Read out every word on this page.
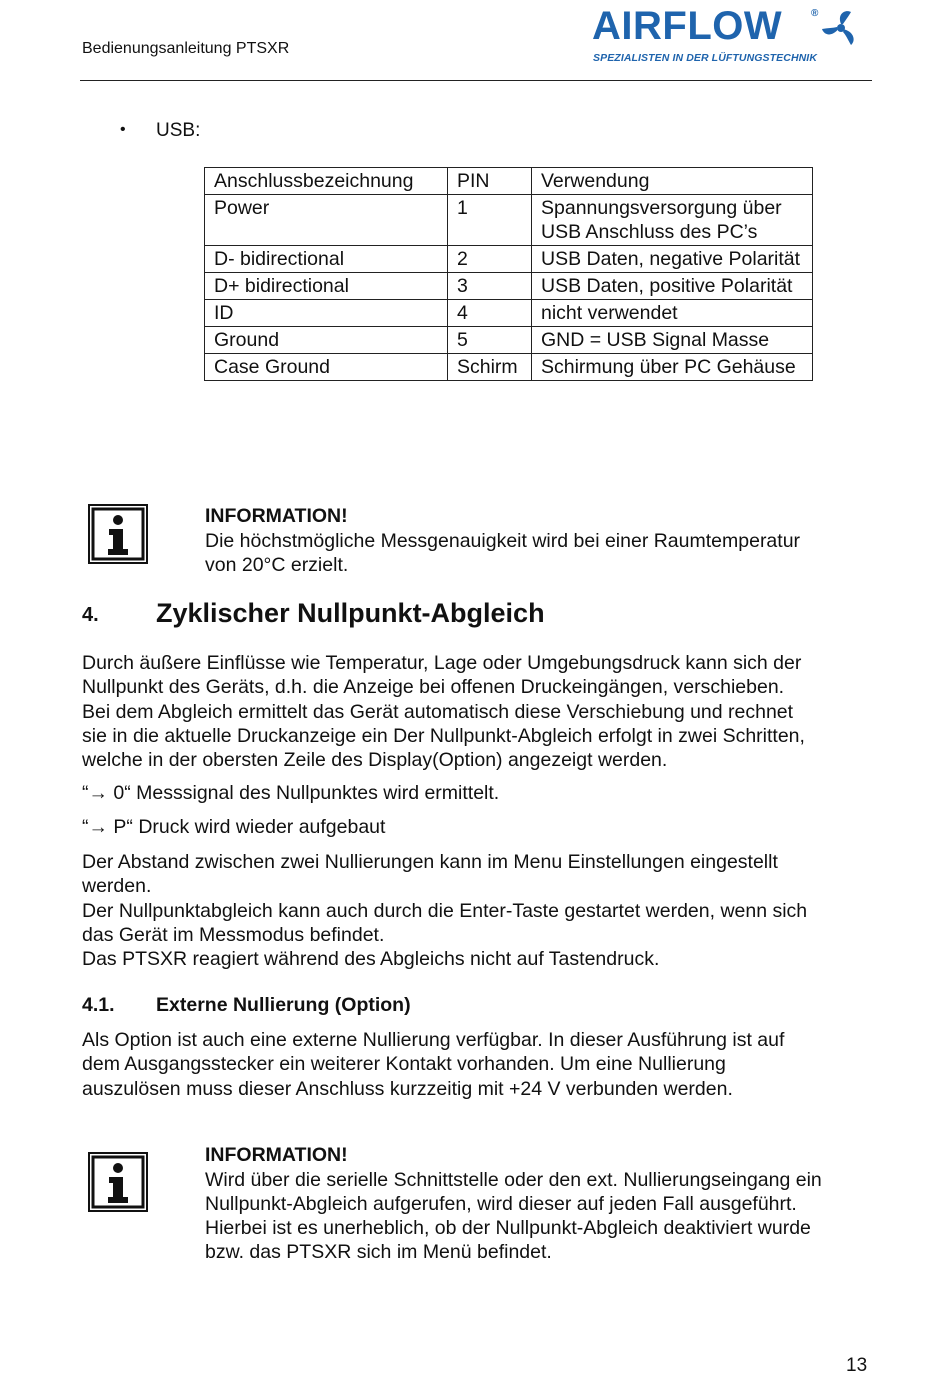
Bedienungsanleitung PTSXR
AIRFLOW	®
SPEZIALISTEN IN DER LÜFTUNGSTECHNIK
• USB:
Anschlussbezeichnung	PIN	Verwendung
Power	1	Spannungsversorgung über USB Anschluss des PC’s
D- bidirectional	2	USB Daten, negative Polarität
D+ bidirectional	3	USB Daten, positive Polarität
ID	4	nicht verwendet
Ground	5	GND = USB Signal Masse
Case Ground	Schirm	Schirmung über PC Gehäuse
INFORMATION!
Die höchstmögliche Messgenauigkeit wird bei einer Raumtemperatur
von 20°C erzielt.
4. Zyklischer Nullpunkt-Abgleich
Durch äußere Einflüsse wie Temperatur, Lage oder Umgebungsdruck kann sich der
Nullpunkt des Geräts, d.h. die Anzeige bei offenen Druckeingängen, verschieben.
Bei dem Abgleich ermittelt das Gerät automatisch diese Verschiebung und rechnet
sie in die aktuelle Druckanzeige ein Der Nullpunkt-Abgleich erfolgt in zwei Schritten,
welche in der obersten Zeile des Display(Option) angezeigt werden.
“→ 0“ Messsignal des Nullpunktes wird ermittelt.
“→ P“ Druck wird wieder aufgebaut
Der Abstand zwischen zwei Nullierungen kann im Menu Einstellungen eingestellt
werden.
Der Nullpunktabgleich kann auch durch die Enter-Taste gestartet werden, wenn sich
das Gerät im Messmodus befindet.
Das PTSXR reagiert während des Abgleichs nicht auf Tastendruck.
4.1. Externe Nullierung (Option)
Als Option ist auch eine externe Nullierung verfügbar. In dieser Ausführung ist auf
dem Ausgangsstecker ein weiterer Kontakt vorhanden. Um eine Nullierung
auszulösen muss dieser Anschluss kurzzeitig mit +24 V verbunden werden.
INFORMATION!
Wird über die serielle Schnittstelle oder den ext. Nullierungseingang ein
Nullpunkt-Abgleich aufgerufen, wird dieser auf jeden Fall ausgeführt.
Hierbei ist es unerheblich, ob der Nullpunkt-Abgleich deaktiviert wurde
bzw. das PTSXR sich im Menü befindet.
13
